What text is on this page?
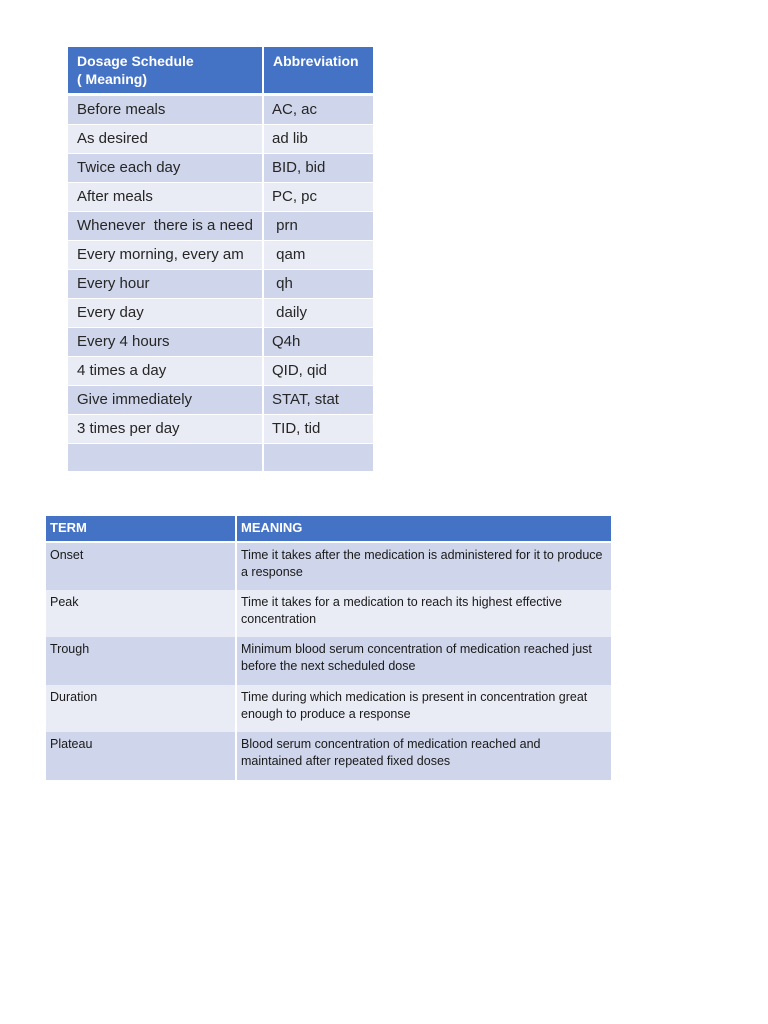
Dosage Schedule
( Meaning)	Abbreviation
Before meals	AC, ac
As desired	ad lib
Twice each day	BID, bid
After meals	PC, pc
Whenever  there is a need	prn
Every morning, every am	qam
Every hour	qh
Every day	daily
Every 4 hours	Q4h
4 times a day	QID, qid
Give immediately	STAT, stat
3 times per day	TID, tid

TERM	MEANING
Onset	Time it takes after the medication is administered for it to produce a response
Peak	Time it takes for a medication to reach its highest effective concentration
Trough	Minimum blood serum concentration of medication reached just before the next scheduled dose
Duration	Time during which medication is present in concentration great enough to produce a response
Plateau	Blood serum concentration of medication reached and maintained after repeated fixed doses
